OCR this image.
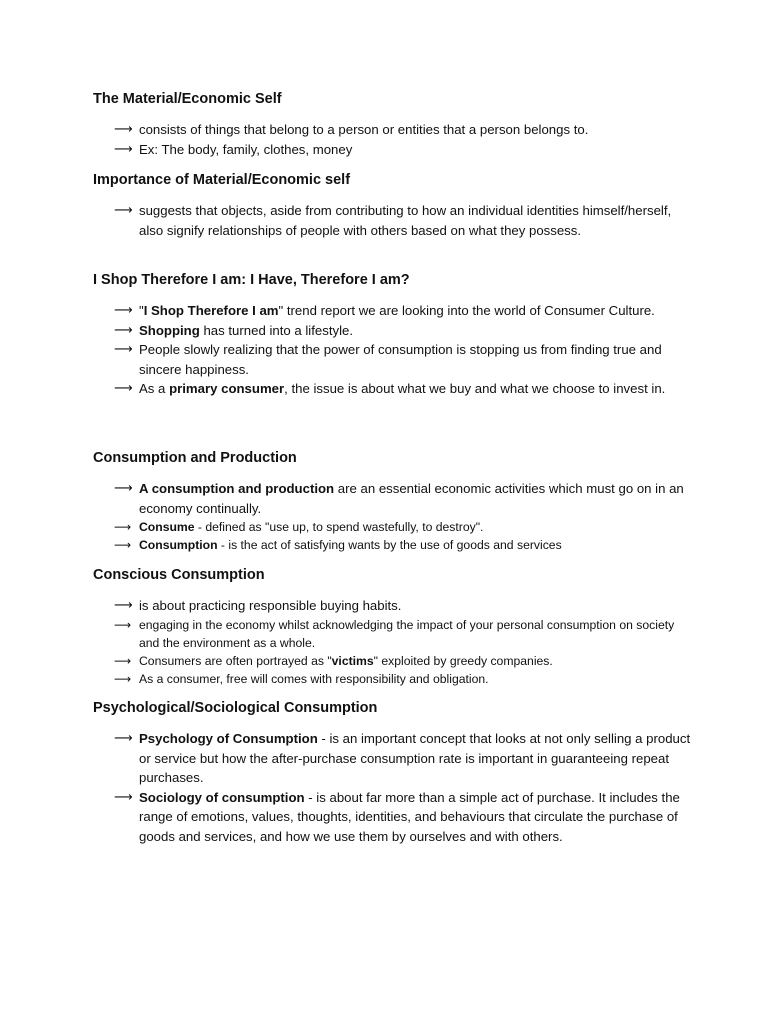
The Material/Economic Self
⟶ consists of things that belong to a person or entities that a person belongs to.
⟶ Ex: The body, family, clothes, money
Importance of Material/Economic self
⟶ suggests that objects, aside from contributing to how an individual identities himself/herself, also signify relationships of people with others based on what they possess.
I Shop Therefore I am: I Have, Therefore I am?
⟶ "I Shop Therefore I am" trend report we are looking into the world of Consumer Culture.
⟶ Shopping has turned into a lifestyle.
⟶ People slowly realizing that the power of consumption is stopping us from finding true and sincere happiness.
⟶ As a primary consumer, the issue is about what we buy and what we choose to invest in.
Consumption and Production
⟶ A consumption and production are an essential economic activities which must go on in an economy continually.
⟶ Consume - defined as "use up, to spend wastefully, to destroy".
⟶ Consumption - is the act of satisfying wants by the use of goods and services
Conscious Consumption
⟶ is about practicing responsible buying habits.
⟶ engaging in the economy whilst acknowledging the impact of your personal consumption on society and the environment as a whole.
⟶ Consumers are often portrayed as "victims" exploited by greedy companies.
⟶ As a consumer, free will comes with responsibility and obligation.
Psychological/Sociological Consumption
⟶ Psychology of Consumption - is an important concept that looks at not only selling a product or service but how the after-purchase consumption rate is important in guaranteeing repeat purchases.
⟶ Sociology of consumption - is about far more than a simple act of purchase. It includes the range of emotions, values, thoughts, identities, and behaviours that circulate the purchase of goods and services, and how we use them by ourselves and with others.
